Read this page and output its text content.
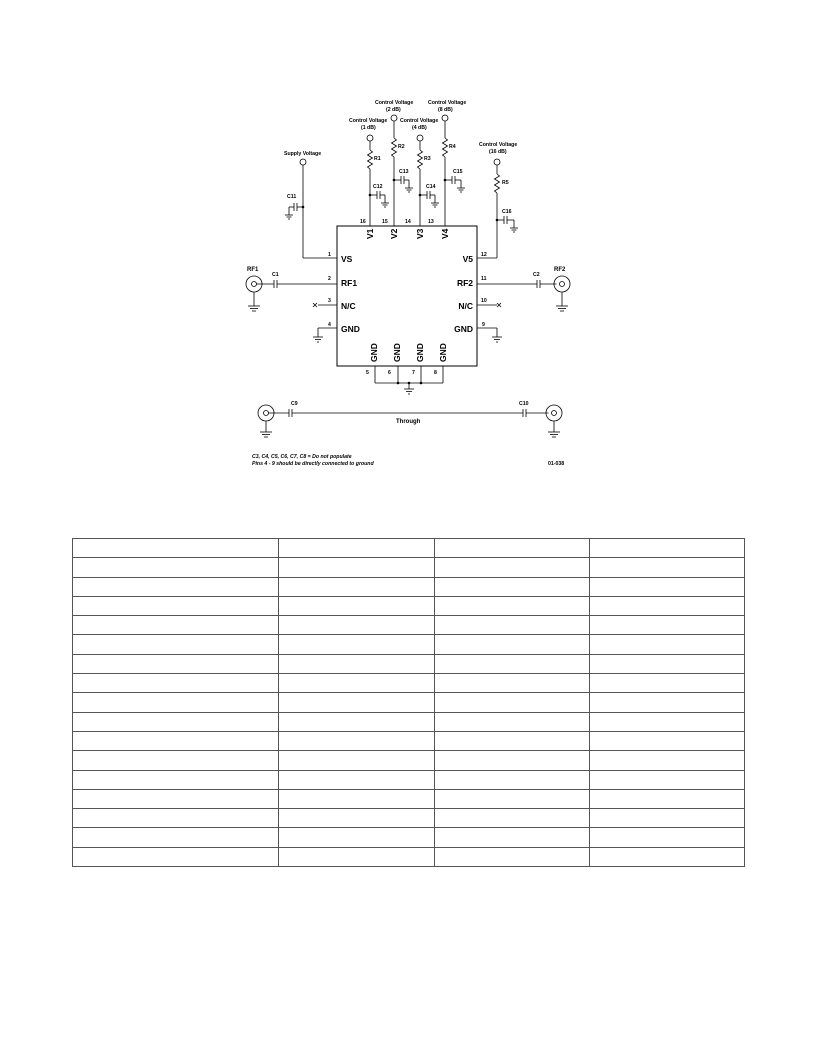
16	15	14	13
V1 V2 V3 V4
Control Voltage
(1 dB)
Control Voltage
(2 dB)
Control Voltage
(4 dB)
Control Voltage
(8 dB)
R1
R2
R3
R4
C12
C13
C14
C15
Supply Voltage
C11
Control Voltage
(16 dB)
R5
C16
1
2
3
4
VS
RF1
N/C
GND
RF1
C1
12
11
10
9
V5
RF2
N/C
GND
RF2
C2
GND GND GND GND
5	6	7	8
C9	C10
Through
C3, C4, C5, C6, C7, C8 = Do not populate
Pins 4 - 9 should be directly connected to ground	01-038
